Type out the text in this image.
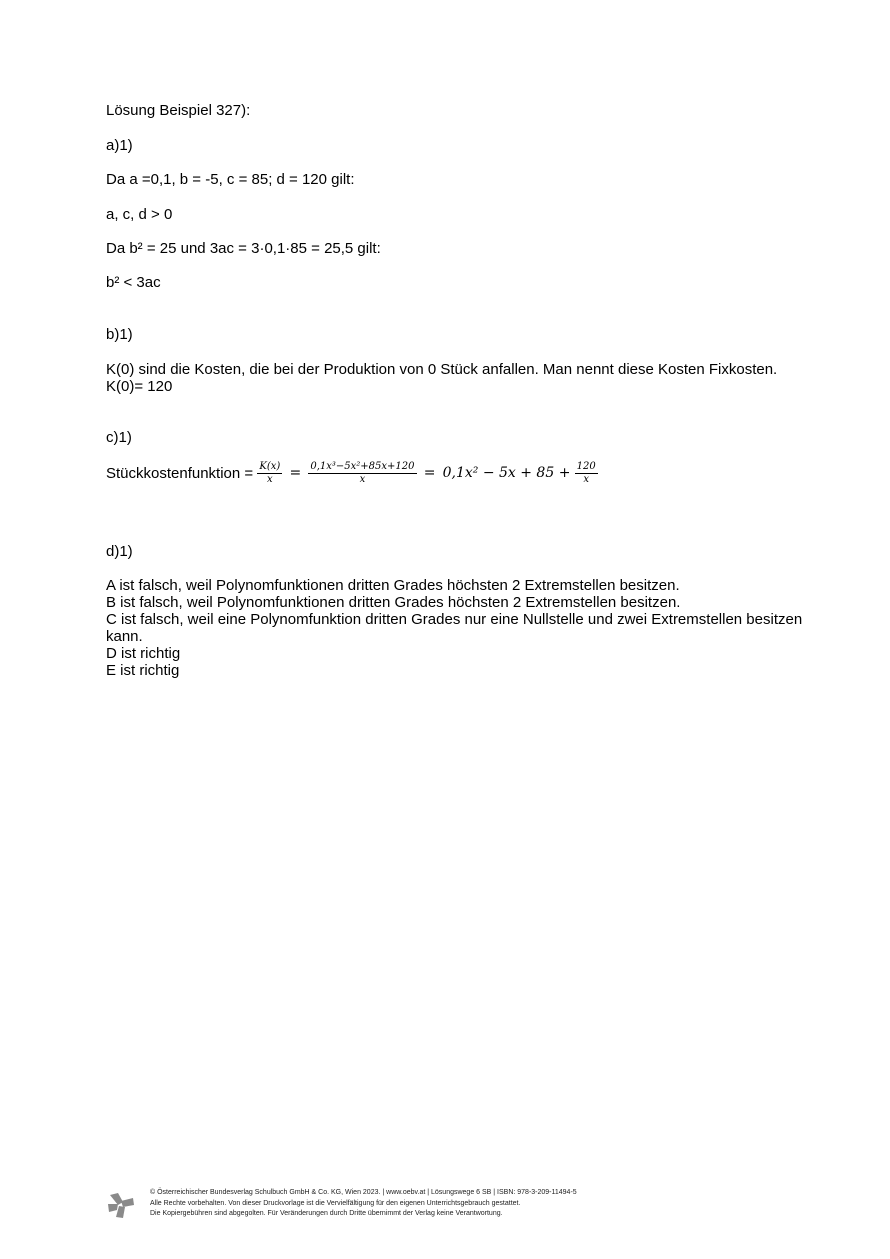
Lösung Beispiel 327):
a)1)
Da a =0,1, b = -5, c = 85; d = 120 gilt:
a, c, d > 0
Da b² = 25 und 3ac = 3·0,1·85 = 25,5 gilt:
b² < 3ac
b)1)
K(0) sind die Kosten, die bei der Produktion von 0 Stück anfallen. Man nennt diese Kosten Fixkosten.
K(0)= 120
c)1)
Stückkostenfunktion = $\frac{K(x)}{x} = \frac{\text{0,1x³−5x²+85x+120}}{x} = 0,1x^2 - 5x + 85 + \frac{120}{x}$
d)1)
A ist falsch, weil Polynomfunktionen dritten Grades höchsten 2 Extremstellen besitzen.
B ist falsch, weil Polynomfunktionen dritten Grades höchsten 2 Extremstellen besitzen.
C ist falsch, weil eine Polynomfunktion dritten Grades nur eine Nullstelle und zwei Extremstellen besitzen kann.
D ist richtig
E ist richtig
© Österreichischer Bundesverlag Schulbuch GmbH & Co. KG, Wien 2023. | www.oebv.at | Lösungswege 6 SB | ISBN: 978-3-209-11494-5
Alle Rechte vorbehalten. Von dieser Druckvorlage ist die Vervielfältigung für den eigenen Unterrichtsgebrauch gestattet.
Die Kopiergebühren sind abgegolten. Für Veränderungen durch Dritte übernimmt der Verlag keine Verantwortung.
